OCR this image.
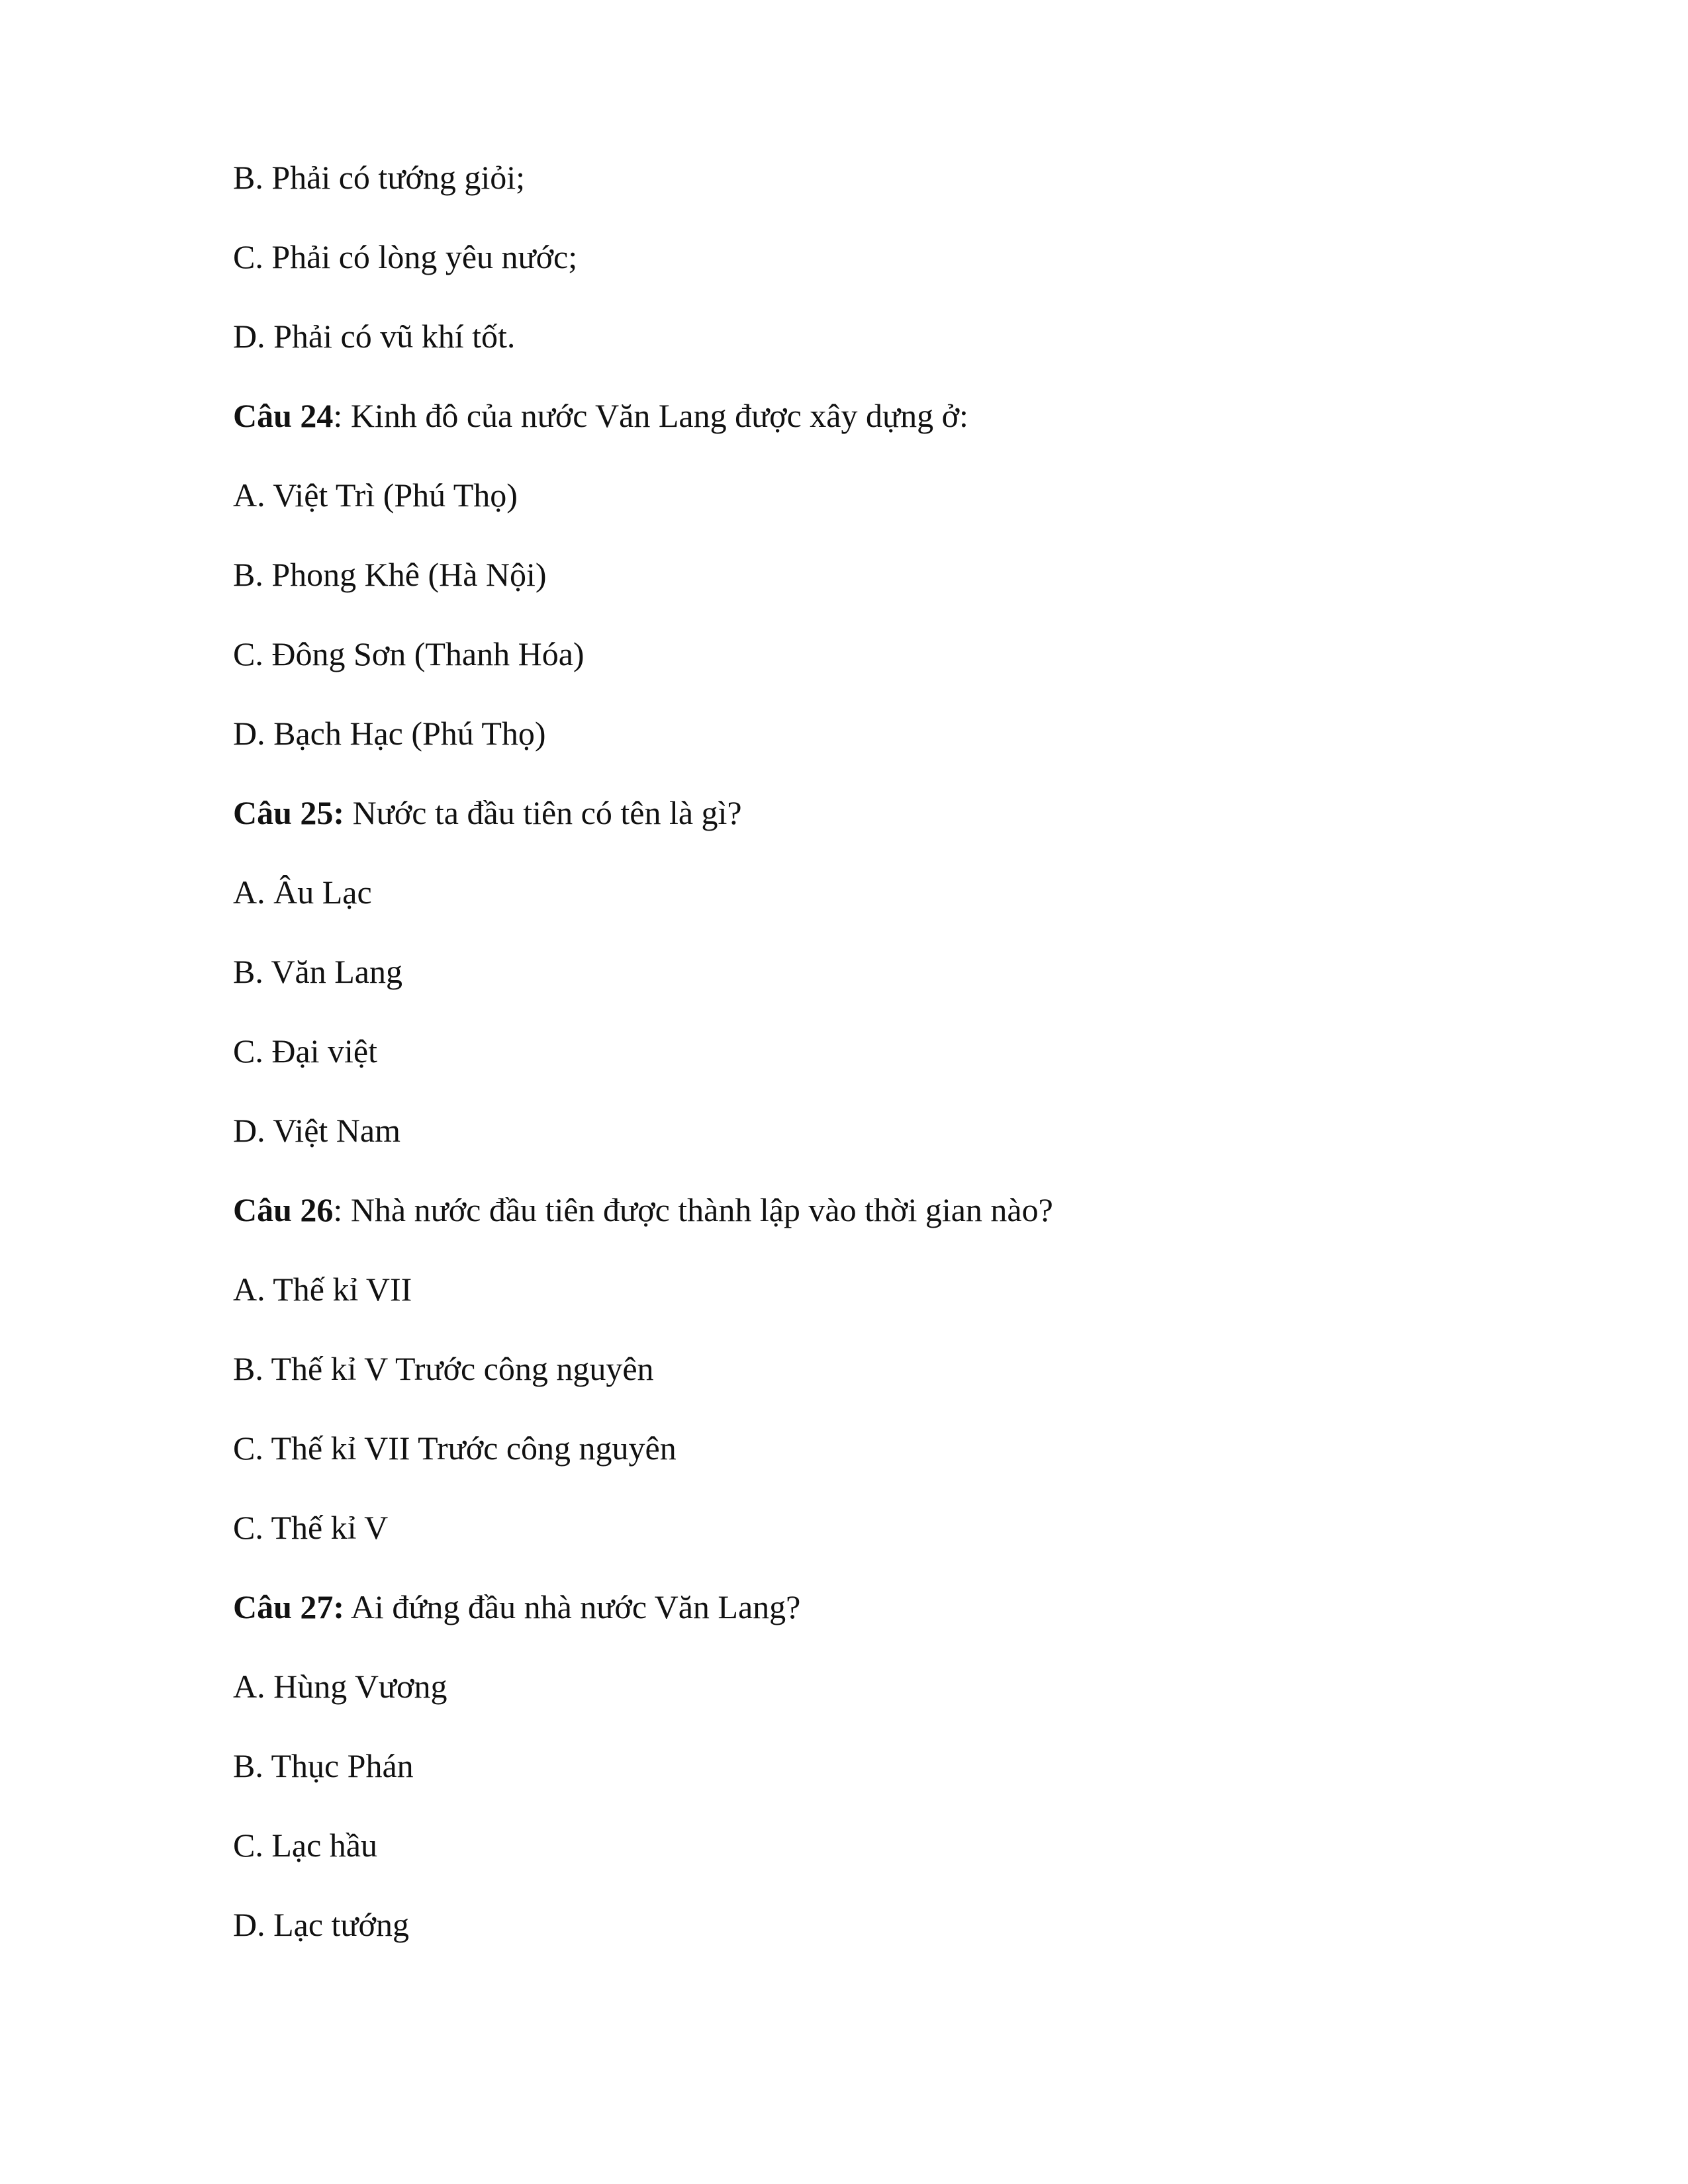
B. Phải có tướng giỏi;
C. Phải có lòng yêu nước;
D. Phải có vũ khí tốt.
Câu 24: Kinh đô của nước Văn Lang được xây dựng ở:
A. Việt Trì (Phú Thọ)
B. Phong Khê (Hà Nội)
C. Đông Sơn (Thanh Hóa)
D. Bạch Hạc (Phú Thọ)
Câu 25: Nước ta đầu tiên có tên là gì?
A. Âu Lạc
B. Văn Lang
C. Đại việt
D. Việt Nam
Câu 26: Nhà nước đầu tiên được thành lập vào thời gian nào?
A. Thế kỉ VII
B. Thế kỉ V Trước công nguyên
C. Thế kỉ VII Trước công nguyên
C. Thế kỉ V
Câu 27: Ai đứng đầu nhà nước Văn Lang?
A. Hùng Vương
B. Thục Phán
C. Lạc hầu
D. Lạc tướng
